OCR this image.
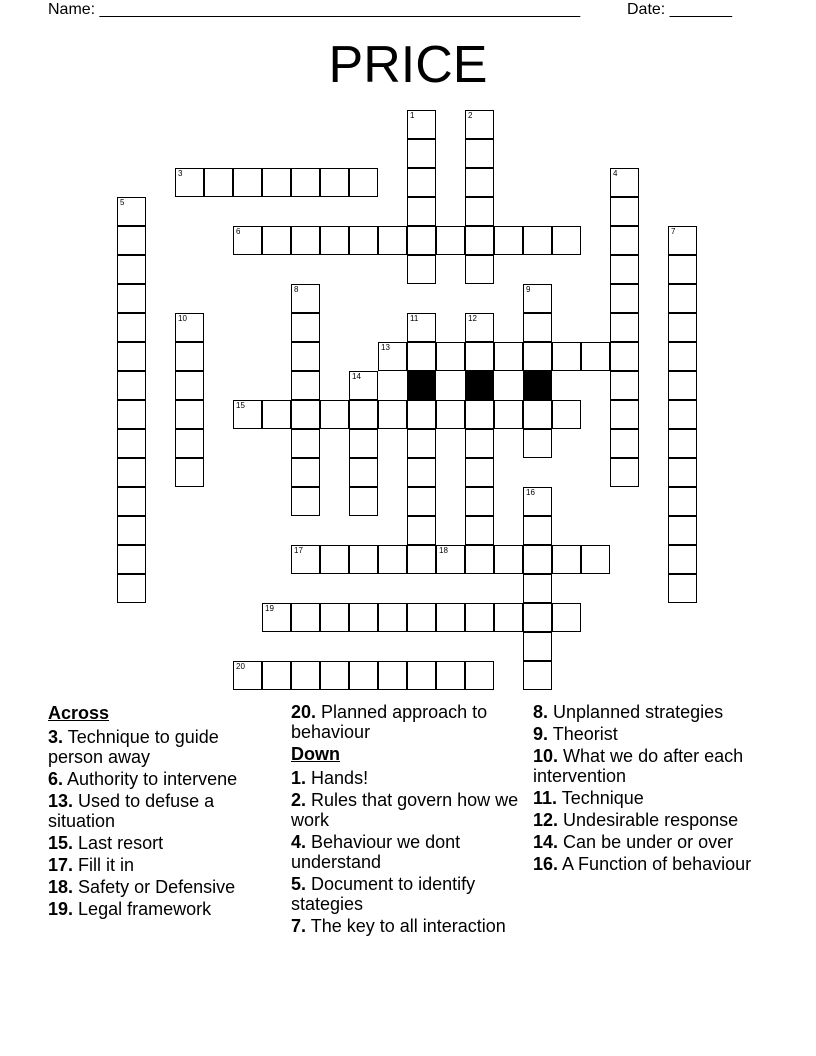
Name: ______________________________________________________	Date: _______
PRICE
1	2
3	4
5
6	7
8	9
10	11	12
13
14
15
16
17	18
19
20
Across
3. Technique to guide person away
6. Authority to intervene
13. Used to defuse a situation
15. Last resort
17. Fill it in
18. Safety or Defensive
19. Legal framework
20. Planned approach to behaviour
Down
1. Hands!
2. Rules that govern how we work
4. Behaviour we dont understand
5. Document to identify stategies
7. The key to all interaction
8. Unplanned strategies
9. Theorist
10. What we do after each intervention
11. Technique
12. Undesirable response
14. Can be under or over
16. A Function of behaviour
